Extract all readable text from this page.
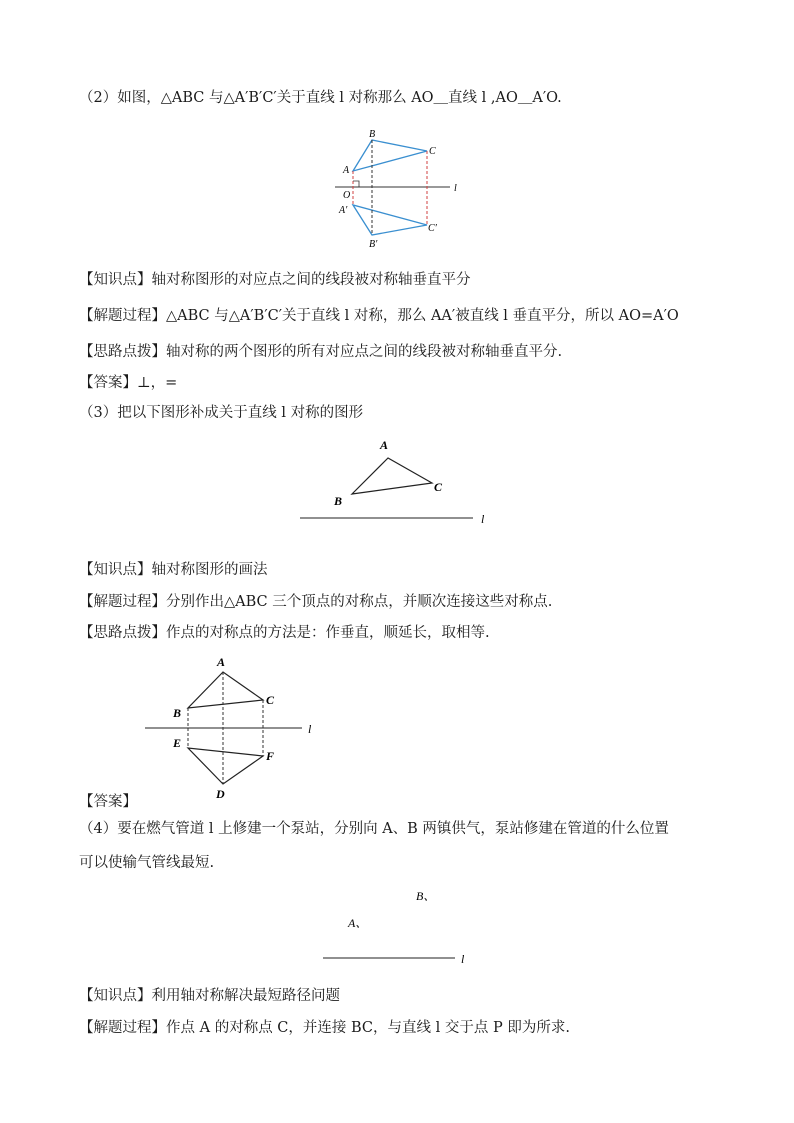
（2）如图，△ABC 与△A′B′C′关于直线 l 对称那么 AO＿直线 l ,AO＿A′O.
l
A
B
C
O
A′
B′
C′
【知识点】轴对称图形的对应点之间的线段被对称轴垂直平分
【解题过程】△ABC 与△A′B′C′关于直线 l 对称，那么 AA′被直线 l 垂直平分，所以 AO=A′O
【思路点拨】轴对称的两个图形的所有对应点之间的线段被对称轴垂直平分.
【答案】⊥，=
（3）把以下图形补成关于直线 l 对称的图形
l
A
B
C
【知识点】轴对称图形的画法
【解题过程】分别作出△ABC 三个顶点的对称点，并顺次连接这些对称点.
【思路点拨】作点的对称点的方法是：作垂直，顺延长，取相等.
l
A
B
C
E
F
D
【答案】
（4）要在燃气管道 l 上修建一个泵站，分别向 A、B 两镇供气，泵站修建在管道的什么位置
可以使输气管线最短.
B、
A、
l
【知识点】利用轴对称解决最短路径问题
【解题过程】作点 A 的对称点 C，并连接 BC，与直线 l 交于点 P 即为所求.
